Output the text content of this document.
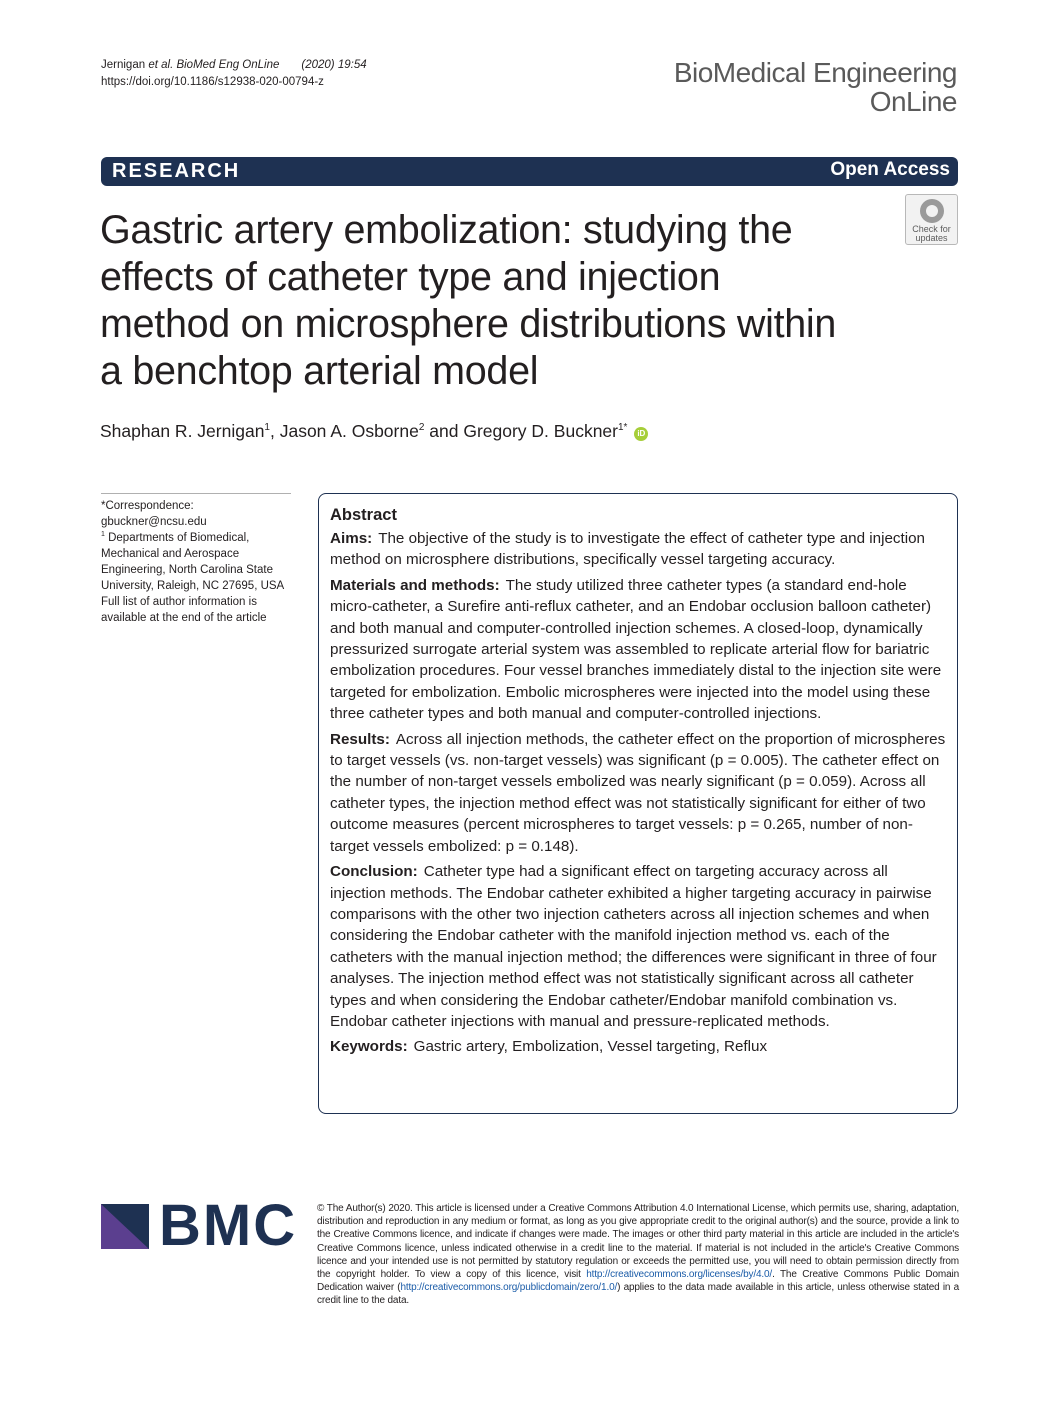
Jernigan et al. BioMed Eng OnLine (2020) 19:54
https://doi.org/10.1186/s12938-020-00794-z	BioMedical Engineering
OnLine
RESEARCH	Open Access
Gastric artery embolization: studying the effects of catheter type and injection method on microsphere distributions within a benchtop arterial model
Check for
updates
Shaphan R. Jernigan$^1$, Jason A. Osborne$^2$ and Gregory D. Buckner$^{1*}$ iD
*Correspondence:
gbuckner@ncsu.edu
$^1$ Departments of Biomedical, Mechanical and Aerospace Engineering, North Carolina State University, Raleigh, NC 27695, USA
Full list of author information is available at the end of the article
Abstract

Aims: The objective of the study is to investigate the effect of catheter type and injection method on microsphere distributions, specifically vessel targeting accuracy.

Materials and methods: The study utilized three catheter types (a standard end-hole micro-catheter, a Surefire anti-reflux catheter, and an Endobar occlusion balloon catheter) and both manual and computer-controlled injection schemes. A closed-loop, dynamically pressurized surrogate arterial system was assembled to replicate arterial flow for bariatric embolization procedures. Four vessel branches immediately distal to the injection site were targeted for embolization. Embolic microspheres were injected into the model using these three catheter types and both manual and computer-controlled injections.

Results: Across all injection methods, the catheter effect on the proportion of microspheres to target vessels (vs. non-target vessels) was significant (p = 0.005). The catheter effect on the number of non-target vessels embolized was nearly significant (p = 0.059). Across all catheter types, the injection method effect was not statistically significant for either of two outcome measures (percent microspheres to target vessels: p = 0.265, number of non-target vessels embolized: p = 0.148).

Conclusion: Catheter type had a significant effect on targeting accuracy across all injection methods. The Endobar catheter exhibited a higher targeting accuracy in pairwise comparisons with the other two injection catheters across all injection schemes and when considering the Endobar catheter with the manifold injection method vs. each of the catheters with the manual injection method; the differences were significant in three of four analyses. The injection method effect was not statistically significant across all catheter types and when considering the Endobar catheter/Endobar manifold combination vs. Endobar catheter injections with manual and pressure-replicated methods.

Keywords: Gastric artery, Embolization, Vessel targeting, Reflux

BMC © The Author(s) 2020. This article is licensed under a Creative Commons Attribution 4.0 International License, which permits use, sharing, adaptation, distribution and reproduction in any medium or format, as long as you give appropriate credit to the original author(s) and the source, provide a link to the Creative Commons licence, and indicate if changes were made. The images or other third party material in this article are included in the article's Creative Commons licence, unless indicated otherwise in a credit line to the material. If material is not included in the article's Creative Commons licence and your intended use is not permitted by statutory regulation or exceeds the permitted use, you will need to obtain permission directly from the copyright holder. To view a copy of this licence, visit http://creativecommons.org/licenses/by/4.0/. The Creative Commons Public Domain Dedication waiver (http://creativecommons.org/publicdomain/zero/1.0/) applies to the data made available in this article, unless otherwise stated in a credit line to the data.
